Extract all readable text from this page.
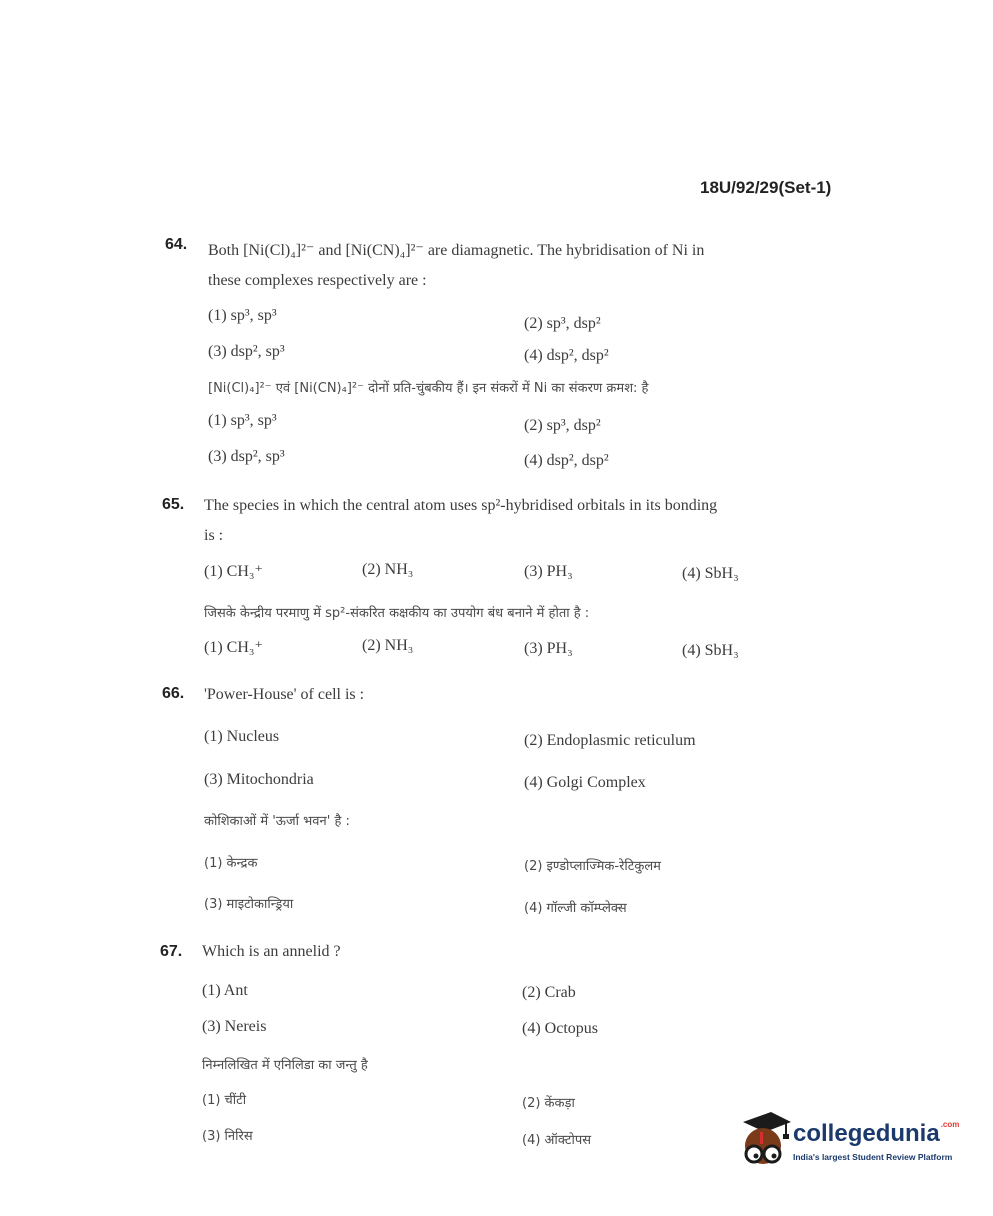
18U/92/29(Set-1)
64. Both [Ni(Cl)₄]²⁻ and [Ni(CN)₄]²⁻ are diamagnetic. The hybridisation of Ni in
these complexes respectively are :
(1) sp³, sp³	(2) sp³, dsp²
(3) dsp², sp³	(4) dsp², dsp²
[Ni(Cl)₄]²⁻ एवं [Ni(CN)₄]²⁻ दोनों प्रति-चुंबकीय हैं। इन संकरों में Ni का संकरण क्रमश: है
(1) sp³, sp³	(2) sp³, dsp²
(3) dsp², sp³	(4) dsp², dsp²
65. The species in which the central atom uses sp²-hybridised orbitals in its bonding
is :
(1) CH₃⁺	(2) NH₃	(3) PH₃	(4) SbH₃
जिसके केन्द्रीय परमाणु में sp²-संकरित कक्षकीय का उपयोग बंध बनाने में होता है :
(1) CH₃⁺	(2) NH₃	(3) PH₃	(4) SbH₃
66. 'Power-House' of cell is :
(1) Nucleus	(2) Endoplasmic reticulum
(3) Mitochondria	(4) Golgi Complex
कोशिकाओं में 'ऊर्जा भवन' है :
(1) केन्द्रक	(2) इण्डोप्लाज्मिक-रेटिकुलम
(3) माइटोकान्ड्रिया	(4) गॉल्जी कॉम्प्लेक्स
67. Which is an annelid ?
(1) Ant	(2) Crab
(3) Nereis	(4) Octopus
निम्नलिखित में एनिलिडा का जन्तु है
(1) चींटी	(2) केंकड़ा
(3) निरिस	(4) ऑक्टोपस	collegedunia$^{.com}$
India's largest Student Review Platform
